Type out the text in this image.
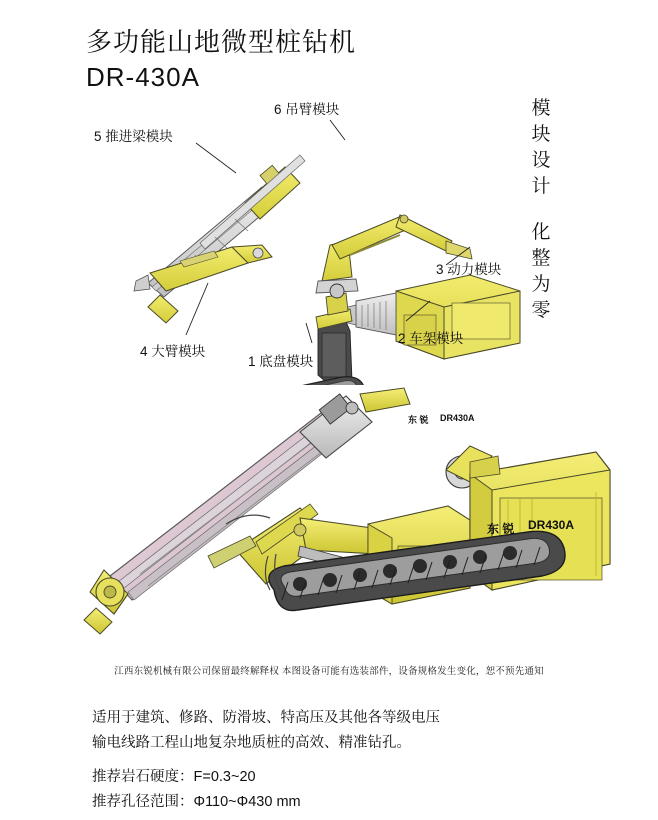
多功能山地微型桩钻机
DR-430A
模
块
设
计
化
整
为
零
6 吊臂模块
5 推进梁模块
4 大臂模块
3 动力模块
2 车架模块
1 底盘模块
东 锐 DR430A
东 锐 DR430A
江西东锐机械有限公司保留最终解释权 本图设备可能有选装部件，设备规格发生变化，恕不预先通知
适用于建筑、修路、防滑坡、特高压及其他各等级电压
输电线路工程山地复杂地质桩的高效、精准钻孔。
推荐岩石硬度：F=0.3~20
推荐孔径范围：Φ110~Φ430 mm
